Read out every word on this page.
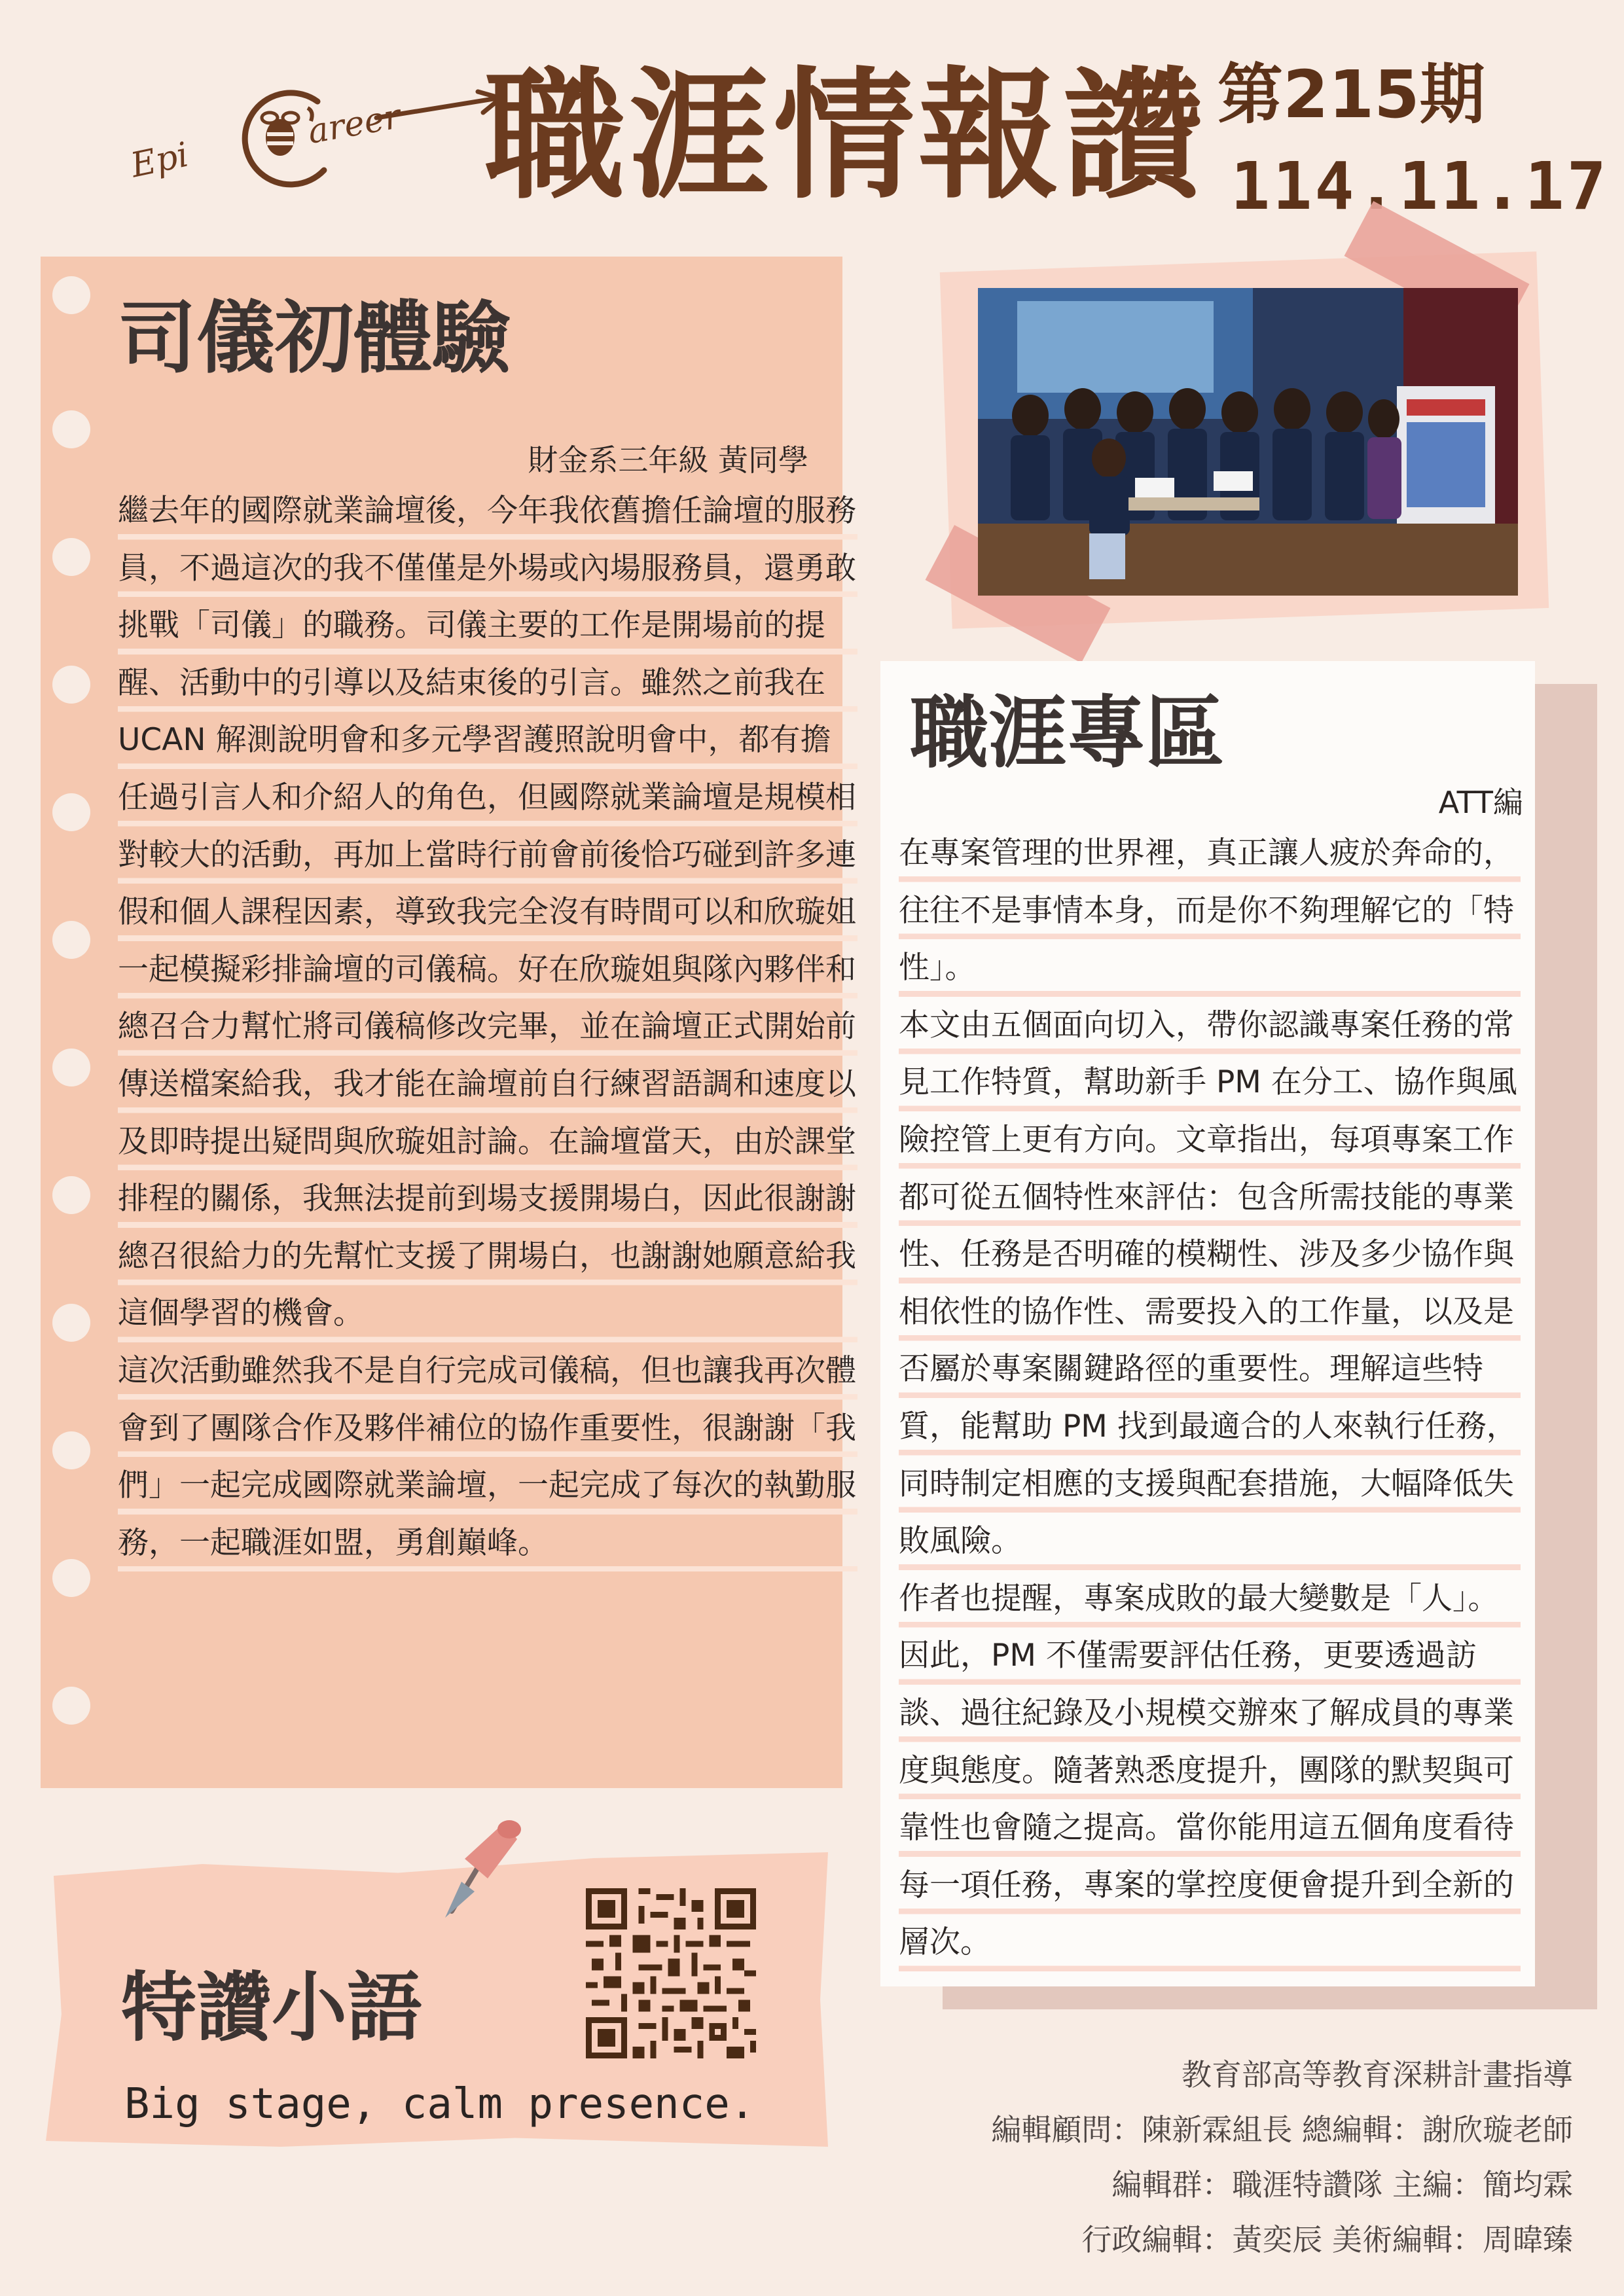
Epi
areer 職涯情報讚 第215期
114.11.17
司儀初體驗
財金系三年級 黃同學

繼去年的國際就業論壇後，今年我依舊擔任論壇的服務員，不過這次的我不僅僅是外場或內場服務員，還勇敢挑戰「司儀」的職務。司儀主要的工作是開場前的提醒、活動中的引導以及結束後的引言。雖然之前我在 UCAN 解測說明會和多元學習護照說明會中，都有擔任過引言人和介紹人的角色，但國際就業論壇是規模相對較大的活動，再加上當時行前會前後恰巧碰到許多連假和個人課程因素，導致我完全沒有時間可以和欣璇姐一起模擬彩排論壇的司儀稿。好在欣璇姐與隊內夥伴和總召合力幫忙將司儀稿修改完畢，並在論壇正式開始前傳送檔案給我，我才能在論壇前自行練習語調和速度以及即時提出疑問與欣璇姐討論。在論壇當天，由於課堂排程的關係，我無法提前到場支援開場白，因此很謝謝總召很給力的先幫忙支援了開場白，也謝謝她願意給我這個學習的機會。

這次活動雖然我不是自行完成司儀稿，但也讓我再次體會到了團隊合作及夥伴補位的協作重要性，很謝謝「我們」一起完成國際就業論壇，一起完成了每次的執勤服務，一起職涯如盟，勇創巔峰。

職涯專區
ATT編

在專案管理的世界裡，真正讓人疲於奔命的，往往不是事情本身，而是你不夠理解它的「特性」。

本文由五個面向切入，帶你認識專案任務的常見工作特質，幫助新手 PM 在分工、協作與風險控管上更有方向。文章指出，每項專案工作都可從五個特性來評估：包含所需技能的專業性、任務是否明確的模糊性、涉及多少協作與相依性的協作性、需要投入的工作量，以及是否屬於專案關鍵路徑的重要性。理解這些特質，能幫助 PM 找到最適合的人來執行任務，同時制定相應的支援與配套措施，大幅降低失敗風險。

作者也提醒，專案成敗的最大變數是「人」。因此，PM 不僅需要評估任務，更要透過訪談、過往紀錄及小規模交辦來了解成員的專業度與態度。隨著熟悉度提升，團隊的默契與可靠性也會隨之提高。當你能用這五個角度看待每一項任務，專案的掌控度便會提升到全新的層次。

特讚小語
Big stage, calm presence.
教育部高等教育深耕計畫指導
編輯顧問：陳新霖組長 總編輯：謝欣璇老師
編輯群：職涯特讚隊 主編：簡均霖
行政編輯：黃奕辰 美術編輯：周暐臻
